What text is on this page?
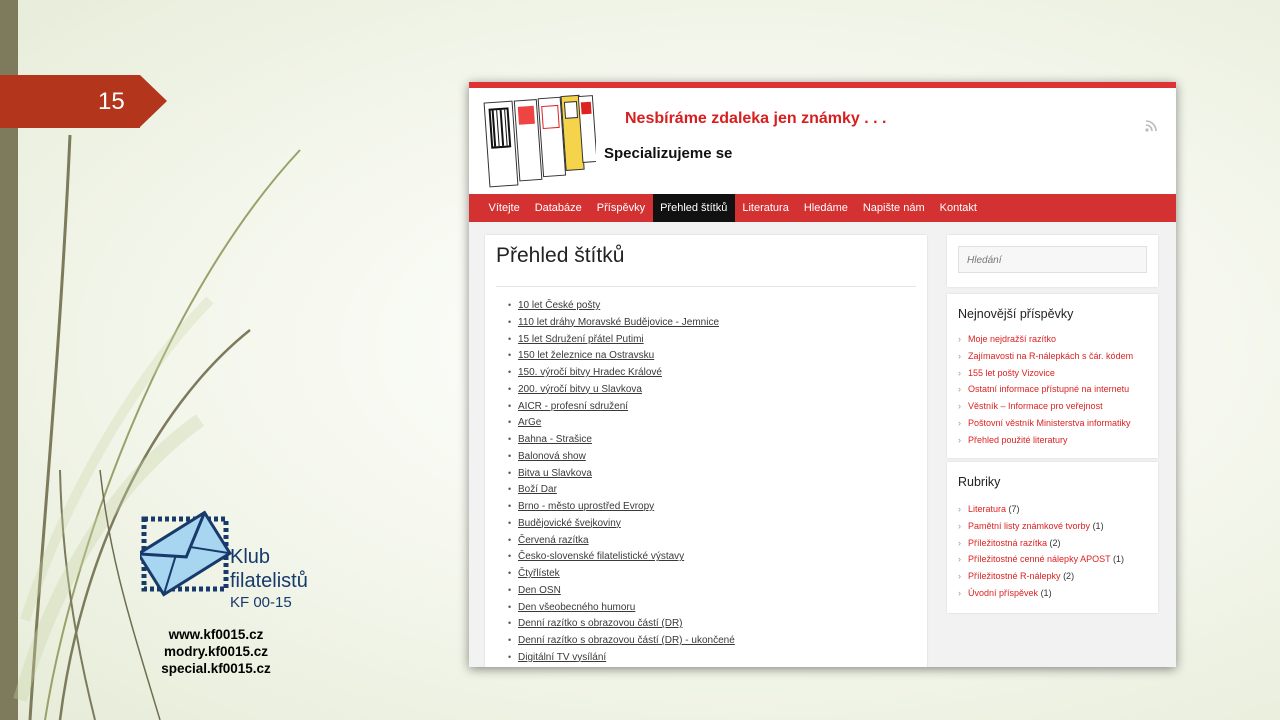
15
Klub
filatelistů
KF 00-15
www.kf0015.cz
modry.kf0015.cz
special.kf0015.cz
Nesbíráme zdaleka jen známky . . .
Specializujeme se
Vítejte	Databáze	Příspěvky	Přehled štítků	Literatura	Hledáme	Napište nám	Kontakt
Přehled štítků
• 10 let České pošty
• 110 let dráhy Moravské Budějovice - Jemnice
• 15 let Sdružení přátel Putimi
• 150 let železnice na Ostravsku
• 150. výročí bitvy Hradec Králové
• 200. výročí bitvy u Slavkova
• AICR - profesní sdružení
• ArGe
• Bahna - Strašice
• Balonová show
• Bitva u Slavkova
• Boží Dar
• Brno - město uprostřed Evropy
• Budějovické švejkoviny
• Červená razítka
• Česko-slovenské filatelistické výstavy
• Čtyřlístek
• Den OSN
• Den všeobecného humoru
• Denní razítko s obrazovou částí (DR)
• Denní razítko s obrazovou částí (DR) - ukončené
• Digitální TV vysílání
Hledání
Nejnovější příspěvky
› Moje nejdražší razítko
› Zajímavosti na R-nálepkách s čár. kódem
› 155 let pošty Vizovice
› Ostatní informace přístupné na internetu
› Věstník – Informace pro veřejnost
› Poštovní věstník Ministerstva informatiky
› Přehled použité literatury
Rubriky
› Literatura (7)
› Pamětní listy známkové tvorby (1)
› Příležitostná razítka (2)
› Příležitostné cenné nálepky APOST (1)
› Příležitostné R-nálepky (2)
› Úvodní příspěvek (1)
